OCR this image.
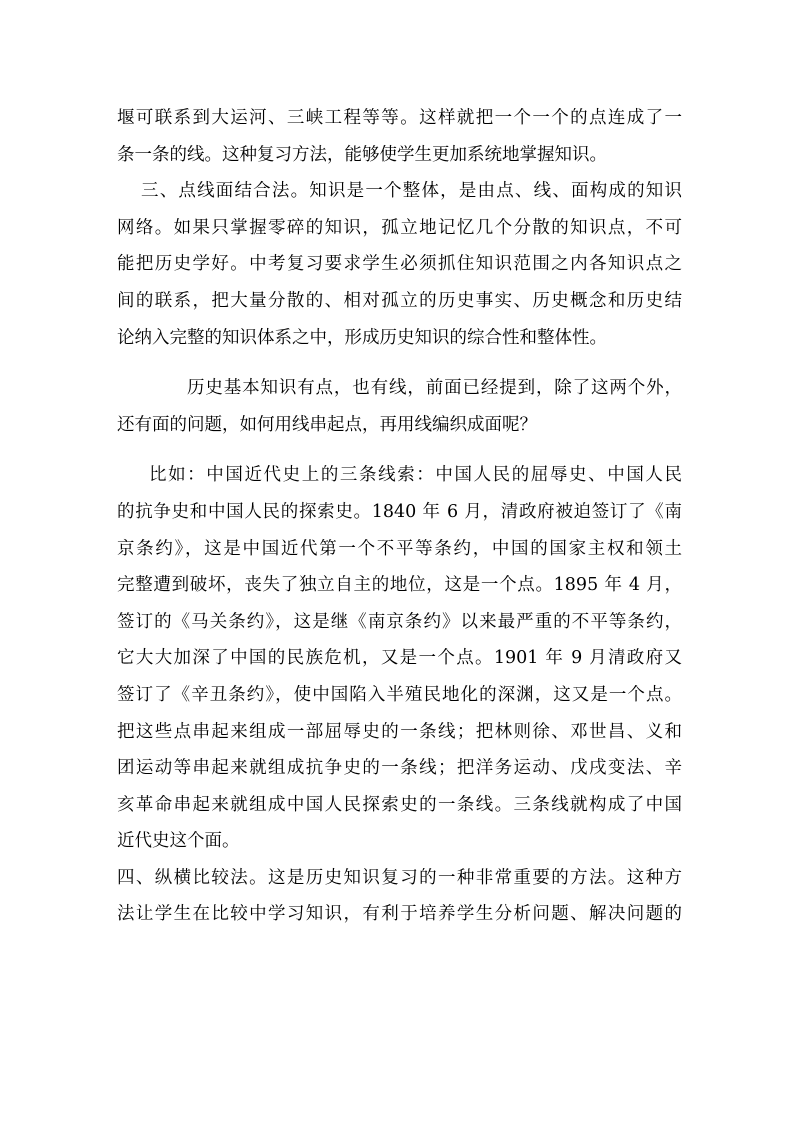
堰可联系到大运河、三峡工程等等。这样就把一个一个的点连成了一
条一条的线。这种复习方法，能够使学生更加系统地掌握知识。
三、点线面结合法。知识是一个整体，是由点、线、面构成的知识
网络。如果只掌握零碎的知识，孤立地记忆几个分散的知识点，不可
能把历史学好。中考复习要求学生必须抓住知识范围之内各知识点之
间的联系，把大量分散的、相对孤立的历史事实、历史概念和历史结
论纳入完整的知识体系之中，形成历史知识的综合性和整体性。
历史基本知识有点，也有线，前面已经提到，除了这两个外，
还有面的问题，如何用线串起点，再用线编织成面呢？
比如：中国近代史上的三条线索：中国人民的屈辱史、中国人民
的抗争史和中国人民的探索史。1840 年 6 月，清政府被迫签订了《南
京条约》，这是中国近代第一个不平等条约，中国的国家主权和领土
完整遭到破坏，丧失了独立自主的地位，这是一个点。1895 年 4 月，
签订的《马关条约》，这是继《南京条约》以来最严重的不平等条约，
它大大加深了中国的民族危机，又是一个点。1901 年 9 月清政府又
签订了《辛丑条约》，使中国陷入半殖民地化的深渊，这又是一个点。
把这些点串起来组成一部屈辱史的一条线；把林则徐、邓世昌、义和
团运动等串起来就组成抗争史的一条线；把洋务运动、戊戌变法、辛
亥革命串起来就组成中国人民探索史的一条线。三条线就构成了中国
近代史这个面。
四、纵横比较法。这是历史知识复习的一种非常重要的方法。这种方
法让学生在比较中学习知识，有利于培养学生分析问题、解决问题的
